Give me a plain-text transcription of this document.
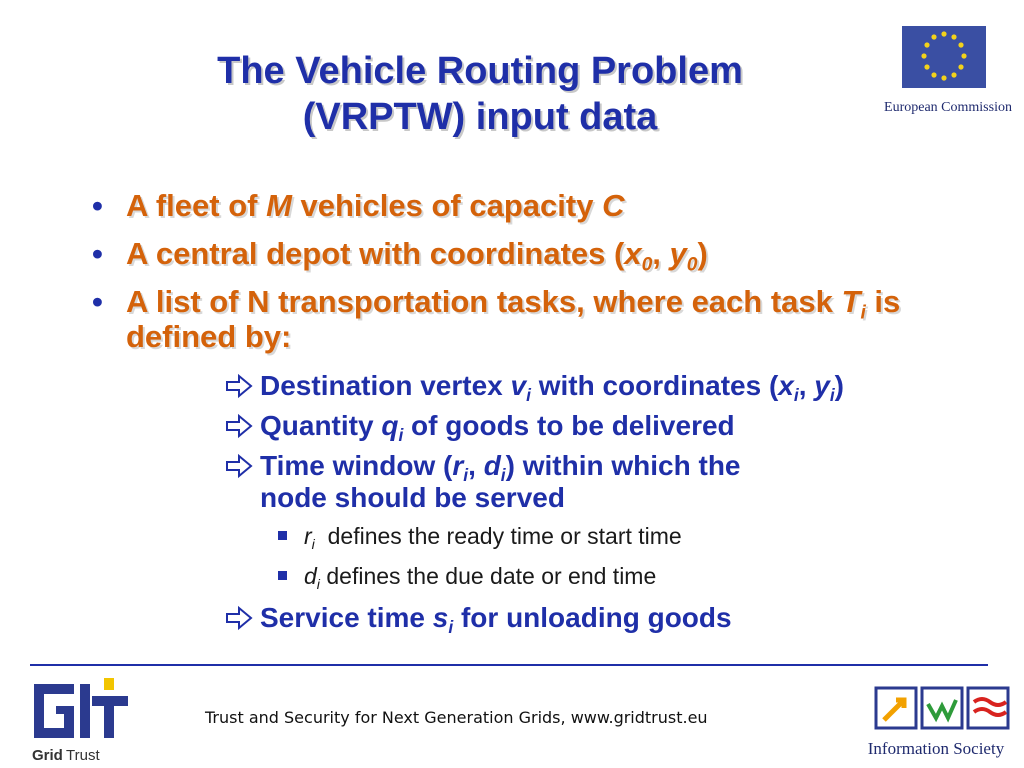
European Commission
The Vehicle Routing Problem
(VRPTW) input data
• A fleet of M vehicles of capacity C
• A central depot with coordinates ($x_0$, $y_0$)
• A list of N transportation tasks, where each task $T_i$ is defined by:
Destination vertex $v_i$ with coordinates ($x_i$, $y_i$)
Quantity $q_i$ of goods to be delivered
Time window ($r_i$, $d_i$) within which the node should be served
$r_i$  defines the ready time or start time
$d_i$ defines the due date or end time
Service time $s_i$ for unloading goods
Grid Trust
Trust and Security for Next Generation Grids, www.gridtrust.eu
Information Society
